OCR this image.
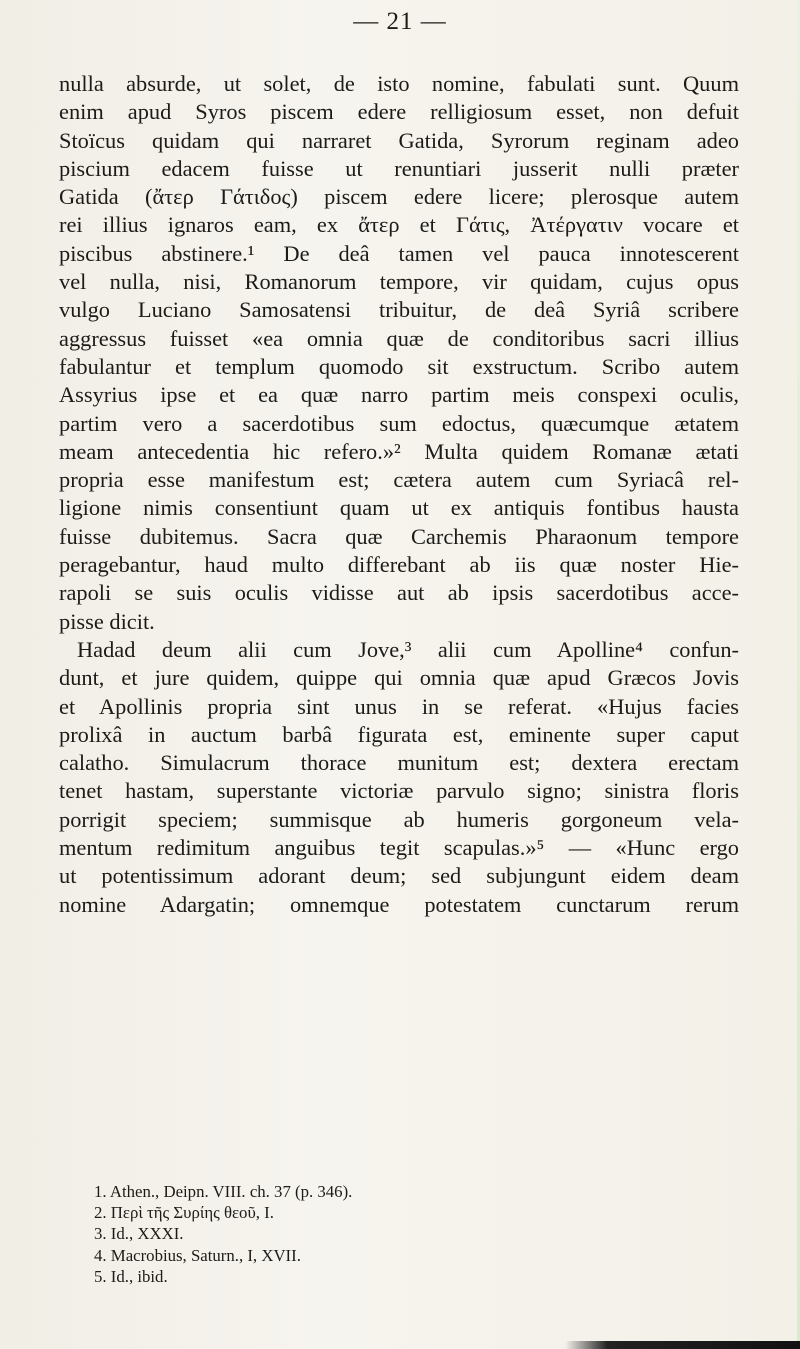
— 21 —
nulla absurde, ut solet, de isto nomine, fabulati sunt. Quum
enim apud Syros piscem edere relligiosum esset, non defuit
Stoïcus quidam qui narraret Gatida, Syrorum reginam adeo
piscium edacem fuisse ut renuntiari jusserit nulli præter
Gatida (ἄτερ Γάτιδος) piscem edere licere; plerosque autem
rei illius ignaros eam, ex ἄτερ et Γάτις, Ἀτέργατιν vocare et
piscibus abstinere.¹ De deâ tamen vel pauca innotescerent
vel nulla, nisi, Romanorum tempore, vir quidam, cujus opus
vulgo Luciano Samosatensi tribuitur, de deâ Syriâ scribere
aggressus fuisset «ea omnia quæ de conditoribus sacri illius
fabulantur et templum quomodo sit exstructum. Scribo autem
Assyrius ipse et ea quæ narro partim meis conspexi oculis,
partim vero a sacerdotibus sum edoctus, quæcumque ætatem
meam antecedentia hic refero.»² Multa quidem Romanæ ætati
propria esse manifestum est; cætera autem cum Syriacâ rel-
ligione nimis consentiunt quam ut ex antiquis fontibus hausta
fuisse dubitemus. Sacra quæ Carchemis Pharaonum tempore
peragebantur, haud multo differebant ab iis quæ noster Hie-
rapoli se suis oculis vidisse aut ab ipsis sacerdotibus acce-
pisse dicit.
Hadad deum alii cum Jove,³ alii cum Apolline⁴ confun-
dunt, et jure quidem, quippe qui omnia quæ apud Græcos Jovis
et Apollinis propria sint unus in se referat. «Hujus facies
prolixâ in auctum barbâ figurata est, eminente super caput
calatho. Simulacrum thorace munitum est; dextera erectam
tenet hastam, superstante victoriæ parvulo signo; sinistra floris
porrigit speciem; summisque ab humeris gorgoneum vela-
mentum redimitum anguibus tegit scapulas.»⁵ — «Hunc ergo
ut potentissimum adorant deum; sed subjungunt eidem deam
nomine Adargatin; omnemque potestatem cunctarum rerum
1. Athen., Deipn. VIII. ch. 37 (p. 346).
2. Περὶ τῆς Συρίης θεοῦ, I.
3. Id., XXXI.
4. Macrobius, Saturn., I, XVII.
5. Id., ibid.
